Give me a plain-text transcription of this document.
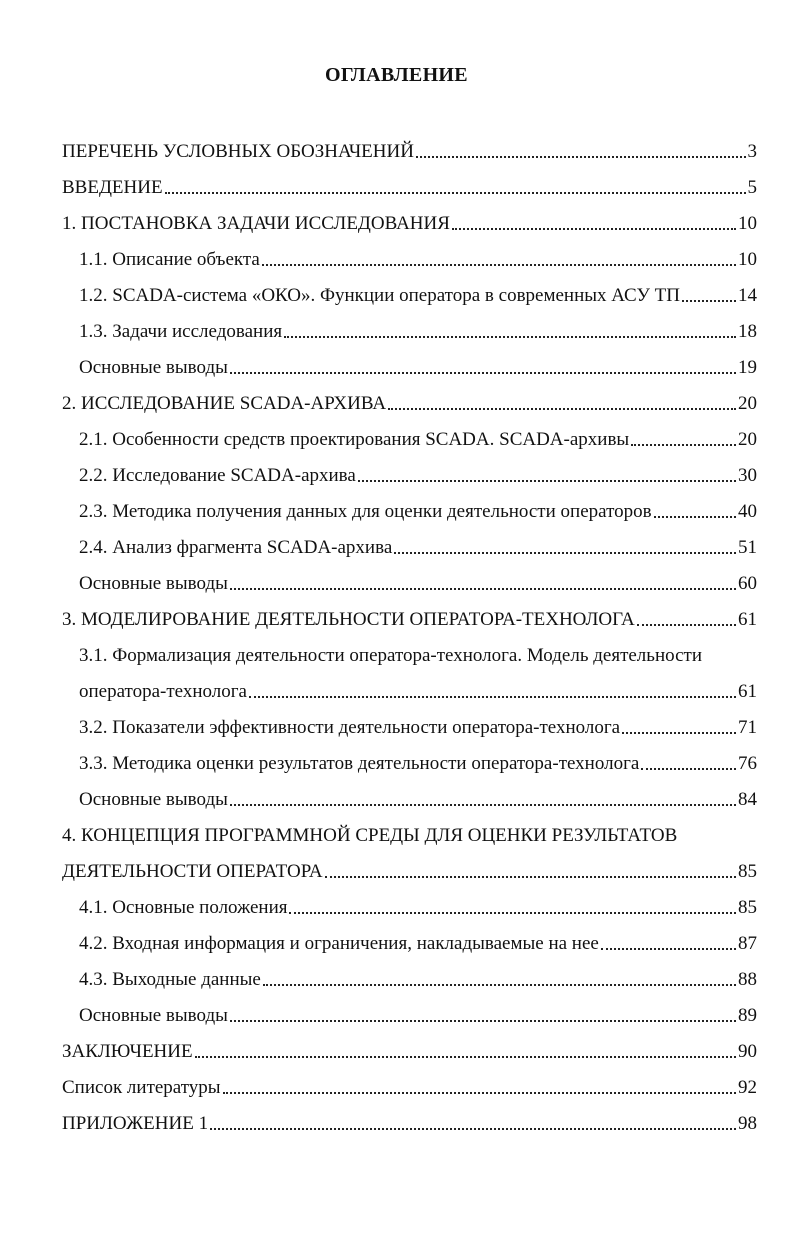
ОГЛАВЛЕНИЕ
ПЕРЕЧЕНЬ УСЛОВНЫХ ОБОЗНАЧЕНИЙ	3
ВВЕДЕНИЕ	5
1. ПОСТАНОВКА ЗАДАЧИ ИССЛЕДОВАНИЯ	10
1.1. Описание объекта	10
1.2. SCADA-система «ОКО». Функции оператора в современных АСУ ТП	14
1.3. Задачи исследования	18
Основные выводы	19
2. ИССЛЕДОВАНИЕ SCADA-АРХИВА	20
2.1. Особенности средств проектирования SCADA. SCADA-архивы	20
2.2. Исследование SCADA-архива	30
2.3. Методика получения данных для оценки деятельности операторов	40
2.4. Анализ фрагмента SCADA-архива	51
Основные выводы	60
3. МОДЕЛИРОВАНИЕ ДЕЯТЕЛЬНОСТИ ОПЕРАТОРА-ТЕХНОЛОГА	61
3.1. Формализация деятельности оператора-технолога. Модель деятельности
оператора-технолога	61
3.2. Показатели эффективности деятельности оператора-технолога	71
3.3. Методика оценки результатов деятельности оператора-технолога	76
Основные выводы	84
4. КОНЦЕПЦИЯ ПРОГРАММНОЙ СРЕДЫ ДЛЯ ОЦЕНКИ РЕЗУЛЬТАТОВ
ДЕЯТЕЛЬНОСТИ ОПЕРАТОРА	85
4.1. Основные положения	85
4.2. Входная информация и ограничения, накладываемые на нее	87
4.3. Выходные данные	88
Основные выводы	89
ЗАКЛЮЧЕНИЕ	90
Список литературы	92
ПРИЛОЖЕНИЕ 1	98
